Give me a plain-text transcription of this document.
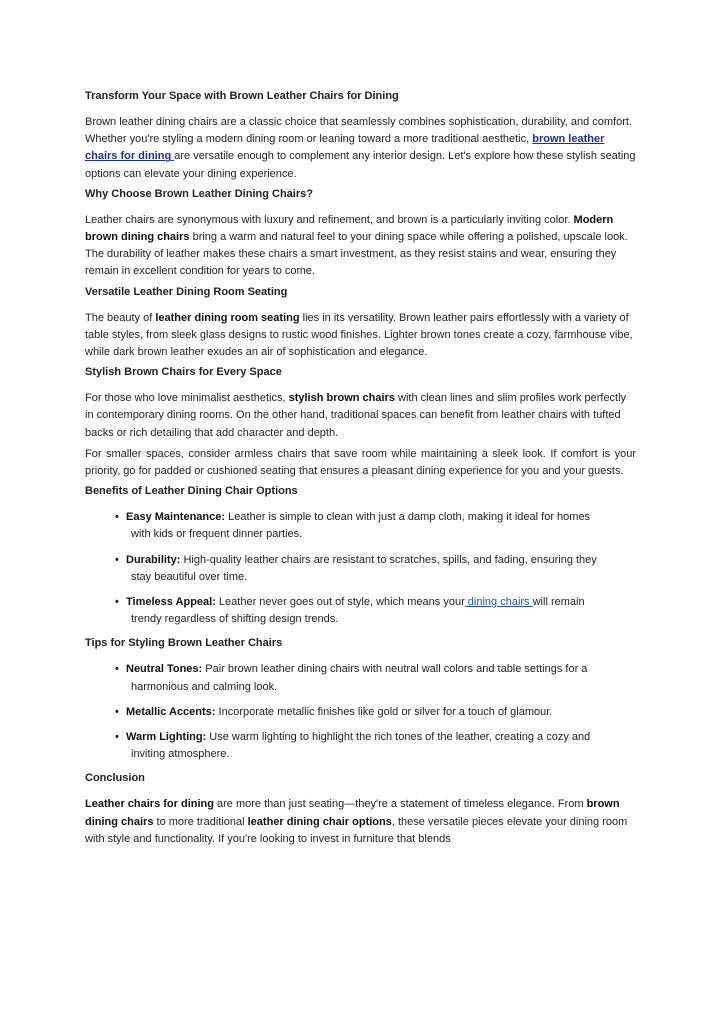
Transform Your Space with Brown Leather Chairs for Dining

Brown leather dining chairs are a classic choice that seamlessly combines sophistication, durability, and comfort. Whether you're styling a modern dining room or leaning toward a more traditional aesthetic, brown leather chairs for dining are versatile enough to complement any interior design. Let's explore how these stylish seating options can elevate your dining experience.

Why Choose Brown Leather Dining Chairs?

Leather chairs are synonymous with luxury and refinement, and brown is a particularly inviting color. Modern brown dining chairs bring a warm and natural feel to your dining space while offering a polished, upscale look. The durability of leather makes these chairs a smart investment, as they resist stains and wear, ensuring they remain in excellent condition for years to come.

Versatile Leather Dining Room Seating

The beauty of leather dining room seating lies in its versatility. Brown leather pairs effortlessly with a variety of table styles, from sleek glass designs to rustic wood finishes. Lighter brown tones create a cozy, farmhouse vibe, while dark brown leather exudes an air of sophistication and elegance.

Stylish Brown Chairs for Every Space

For those who love minimalist aesthetics, stylish brown chairs with clean lines and slim profiles work perfectly in contemporary dining rooms. On the other hand, traditional spaces can benefit from leather chairs with tufted backs or rich detailing that add character and depth.

For smaller spaces, consider armless chairs that save room while maintaining a sleek look. If comfort is your priority, go for padded or cushioned seating that ensures a pleasant dining experience for you and your guests.

Benefits of Leather Dining Chair Options
• Easy Maintenance: Leather is simple to clean with just a damp cloth, making it ideal for homes
with kids or frequent dinner parties.
• Durability: High-quality leather chairs are resistant to scratches, spills, and fading, ensuring they
stay beautiful over time.
• Timeless Appeal: Leather never goes out of style, which means your dining chairs will remain
trendy regardless of shifting design trends.
Tips for Styling Brown Leather Chairs
• Neutral Tones: Pair brown leather dining chairs with neutral wall colors and table settings for a
harmonious and calming look.
• Metallic Accents: Incorporate metallic finishes like gold or silver for a touch of glamour.
• Warm Lighting: Use warm lighting to highlight the rich tones of the leather, creating a cozy and
inviting atmosphere.
Conclusion

Leather chairs for dining are more than just seating—they're a statement of timeless elegance. From brown dining chairs to more traditional leather dining chair options, these versatile pieces elevate your dining room with style and functionality. If you're looking to invest in furniture that blends
